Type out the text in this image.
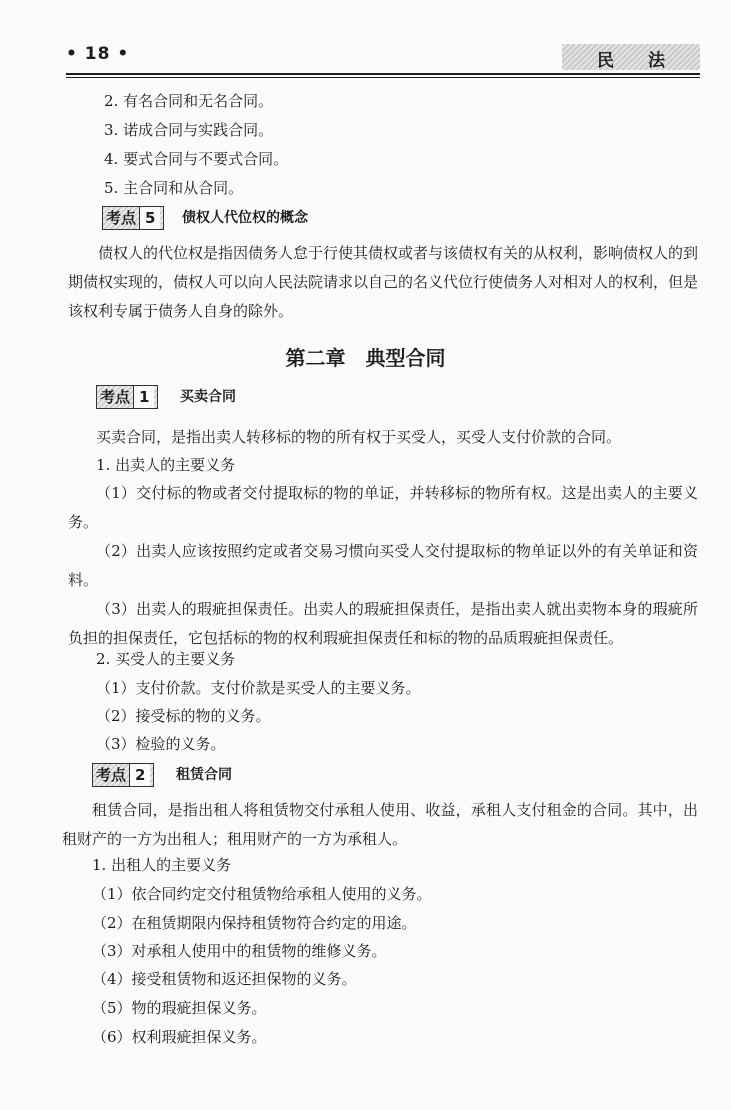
• 18 •	民 法
2. 有名合同和无名合同。
3. 诺成合同与实践合同。
4. 要式合同与不要式合同。
5. 主合同和从合同。
考点 5	债权人代位权的概念
债权人的代位权是指因债务人怠于行使其债权或者与该债权有关的从权利，影响债权人的到期债权实现的，债权人可以向人民法院请求以自己的名义代位行使债务人对相对人的权利，但是该权利专属于债务人自身的除外。
第二章　典型合同
考点 1	买卖合同
买卖合同，是指出卖人转移标的物的所有权于买受人，买受人支付价款的合同。
1. 出卖人的主要义务
（1）交付标的物或者交付提取标的物的单证，并转移标的物所有权。这是出卖人的主要义务。
（2）出卖人应该按照约定或者交易习惯向买受人交付提取标的物单证以外的有关单证和资料。
（3）出卖人的瑕疵担保责任。出卖人的瑕疵担保责任，是指出卖人就出卖物本身的瑕疵所负担的担保责任，它包括标的物的权利瑕疵担保责任和标的物的品质瑕疵担保责任。
2. 买受人的主要义务
（1）支付价款。支付价款是买受人的主要义务。
（2）接受标的物的义务。
（3）检验的义务。
考点 2	租赁合同
租赁合同，是指出租人将租赁物交付承租人使用、收益，承租人支付租金的合同。其中，出租财产的一方为出租人；租用财产的一方为承租人。
1. 出租人的主要义务
（1）依合同约定交付租赁物给承租人使用的义务。
（2）在租赁期限内保持租赁物符合约定的用途。
（3）对承租人使用中的租赁物的维修义务。
（4）接受租赁物和返还担保物的义务。
（5）物的瑕疵担保义务。
（6）权利瑕疵担保义务。
